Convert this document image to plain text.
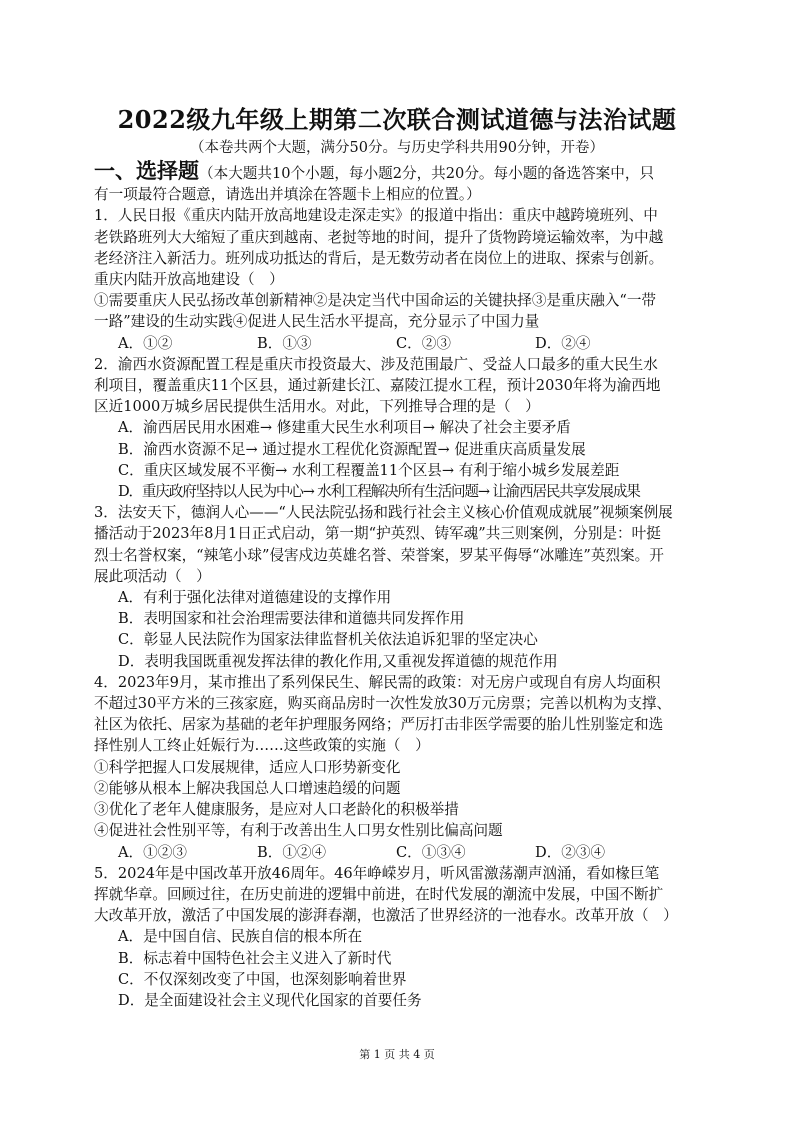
2022级九年级上期第二次联合测试道德与法治试题
（本卷共两个大题，满分50分。与历史学科共用90分钟，开卷）

一、选择题（本大题共10个小题，每小题2分，共20分。每小题的备选答案中，只

有一项最符合题意，请选出并填涂在答题卡上相应的位置。）

1．人民日报《重庆内陆开放高地建设走深走实》的报道中指出：重庆中越跨境班列、中

老铁路班列大大缩短了重庆到越南、老挝等地的时间，提升了货物跨境运输效率，为中越

老经济注入新活力。班列成功抵达的背后，是无数劳动者在岗位上的进取、探索与创新。

重庆内陆开放高地建设（　）

①需要重庆人民弘扬改革创新精神②是决定当代中国命运的关键抉择③是重庆融入“一带

一路”建设的生动实践④促进人民生活水平提高，充分显示了中国力量

A．①②	B．①③	C．②③	D．②④

2．渝西水资源配置工程是重庆市投资最大、涉及范围最广、受益人口最多的重大民生水

利项目，覆盖重庆11个区县，通过新建长江、嘉陵江提水工程，预计2030年将为渝西地

区近1000万城乡居民提供生活用水。对此，下列推导合理的是（　）

A．渝西居民用水困难→ 修建重大民生水利项目→ 解决了社会主要矛盾

B．渝西水资源不足→ 通过提水工程优化资源配置→ 促进重庆高质量发展

C．重庆区域发展不平衡→ 水利工程覆盖11个区县→ 有利于缩小城乡发展差距

D．重庆政府坚持以人民为中心→ 水利工程解决所有生活问题→ 让渝西居民共享发展成果

3．法安天下，德润人心——“人民法院弘扬和践行社会主义核心价值观成就展”视频案例展

播活动于2023年8月1日正式启动，第一期“护英烈、铸军魂”共三则案例，分别是：叶挺

烈士名誉权案，“辣笔小球”侵害戍边英雄名誉、荣誉案，罗某平侮辱“冰雕连”英烈案。开

展此项活动（　）

A．有利于强化法律对道德建设的支撑作用

B．表明国家和社会治理需要法律和道德共同发挥作用

C．彰显人民法院作为国家法律监督机关依法追诉犯罪的坚定决心

D．表明我国既重视发挥法律的教化作用,又重视发挥道德的规范作用

4．2023年9月，某市推出了系列保民生、解民需的政策：对无房户或现自有房人均面积

不超过30平方米的三孩家庭，购买商品房时一次性发放30万元房票；完善以机构为支撑、

社区为依托、居家为基础的老年护理服务网络；严厉打击非医学需要的胎儿性别鉴定和选

择性别人工终止妊娠行为……这些政策的实施（　）

①科学把握人口发展规律，适应人口形势新变化

②能够从根本上解决我国总人口增速趋缓的问题

③优化了老年人健康服务，是应对人口老龄化的积极举措

④促进社会性别平等，有利于改善出生人口男女性别比偏高问题

A．①②③	B．①②④	C．①③④	D．②③④

5．2024年是中国改革开放46周年。46年峥嵘岁月，听风雷激荡潮声汹涌，看如椽巨笔

挥就华章。回顾过往，在历史前进的逻辑中前进，在时代发展的潮流中发展，中国不断扩

大改革开放，激活了中国发展的澎湃春潮，也激活了世界经济的一池春水。改革开放（　）

A．是中国自信、民族自信的根本所在

B．标志着中国特色社会主义进入了新时代

C．不仅深刻改变了中国，也深刻影响着世界

D．是全面建设社会主义现代化国家的首要任务

第 1 页 共 4 页
